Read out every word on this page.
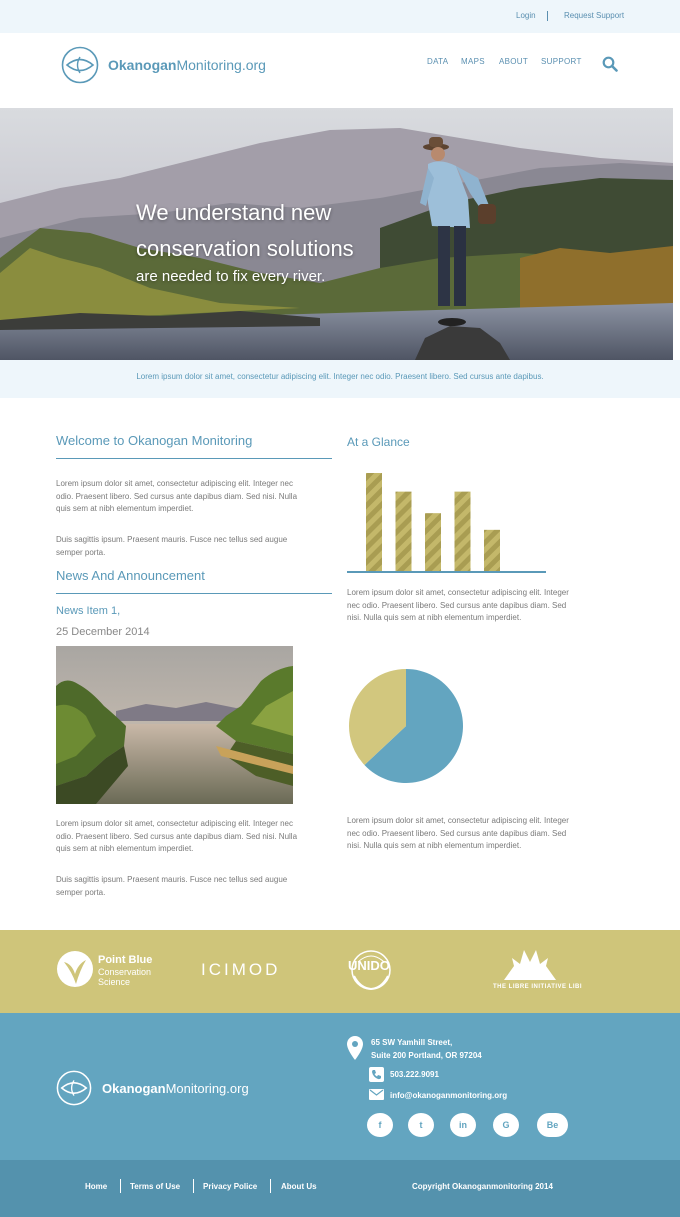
Login	Request Support
OkanoganMonitoring.org	DATA MAPS ABOUT SUPPORT
We understand new
conservation solutions
are needed to fix every river.

Lorem ipsum dolor sit amet, consectetur adipiscing elit. Integer nec odio. Praesent libero. Sed cursus ante dapibus.

Welcome to Okanogan Monitoring

Lorem ipsum dolor sit amet, consectetur adipiscing elit. Integer nec odio. Praesent libero. Sed cursus ante dapibus diam. Sed nisi. Nulla quis sem at nibh elementum imperdiet.

Duis sagittis ipsum. Praesent mauris. Fusce nec tellus sed augue semper porta.

News And Announcement
News Item 1,
25 December 2014

Lorem ipsum dolor sit amet, consectetur adipiscing elit. Integer nec odio. Praesent libero. Sed cursus ante dapibus diam. Sed nisi. Nulla quis sem at nibh elementum imperdiet.

Duis sagittis ipsum. Praesent mauris. Fusce nec tellus sed augue semper porta.

At a Glance

Lorem ipsum dolor sit amet, consectetur adipiscing elit. Integer nec odio. Praesent libero. Sed cursus ante dapibus diam. Sed nisi. Nulla quis sem at nibh elementum imperdiet.

Lorem ipsum dolor sit amet, consectetur adipiscing elit. Integer nec odio. Praesent libero. Sed cursus ante dapibus diam. Sed nisi. Nulla quis sem at nibh elementum imperdiet.

Point Blue
Conservation
Science
ICIMOD	UNIDO
THE LIBRE INITIATIVE LIBI
OkanoganMonitoring.org
65 SW Yamhill Street,
Suite 200 Portland, OR 97204
503.222.9091
info@okanoganmonitoring.org
f	t	in	G	Be
Home	Terms of Use	Privacy Police	About Us	Copyright Okanoganmonitoring 2014
